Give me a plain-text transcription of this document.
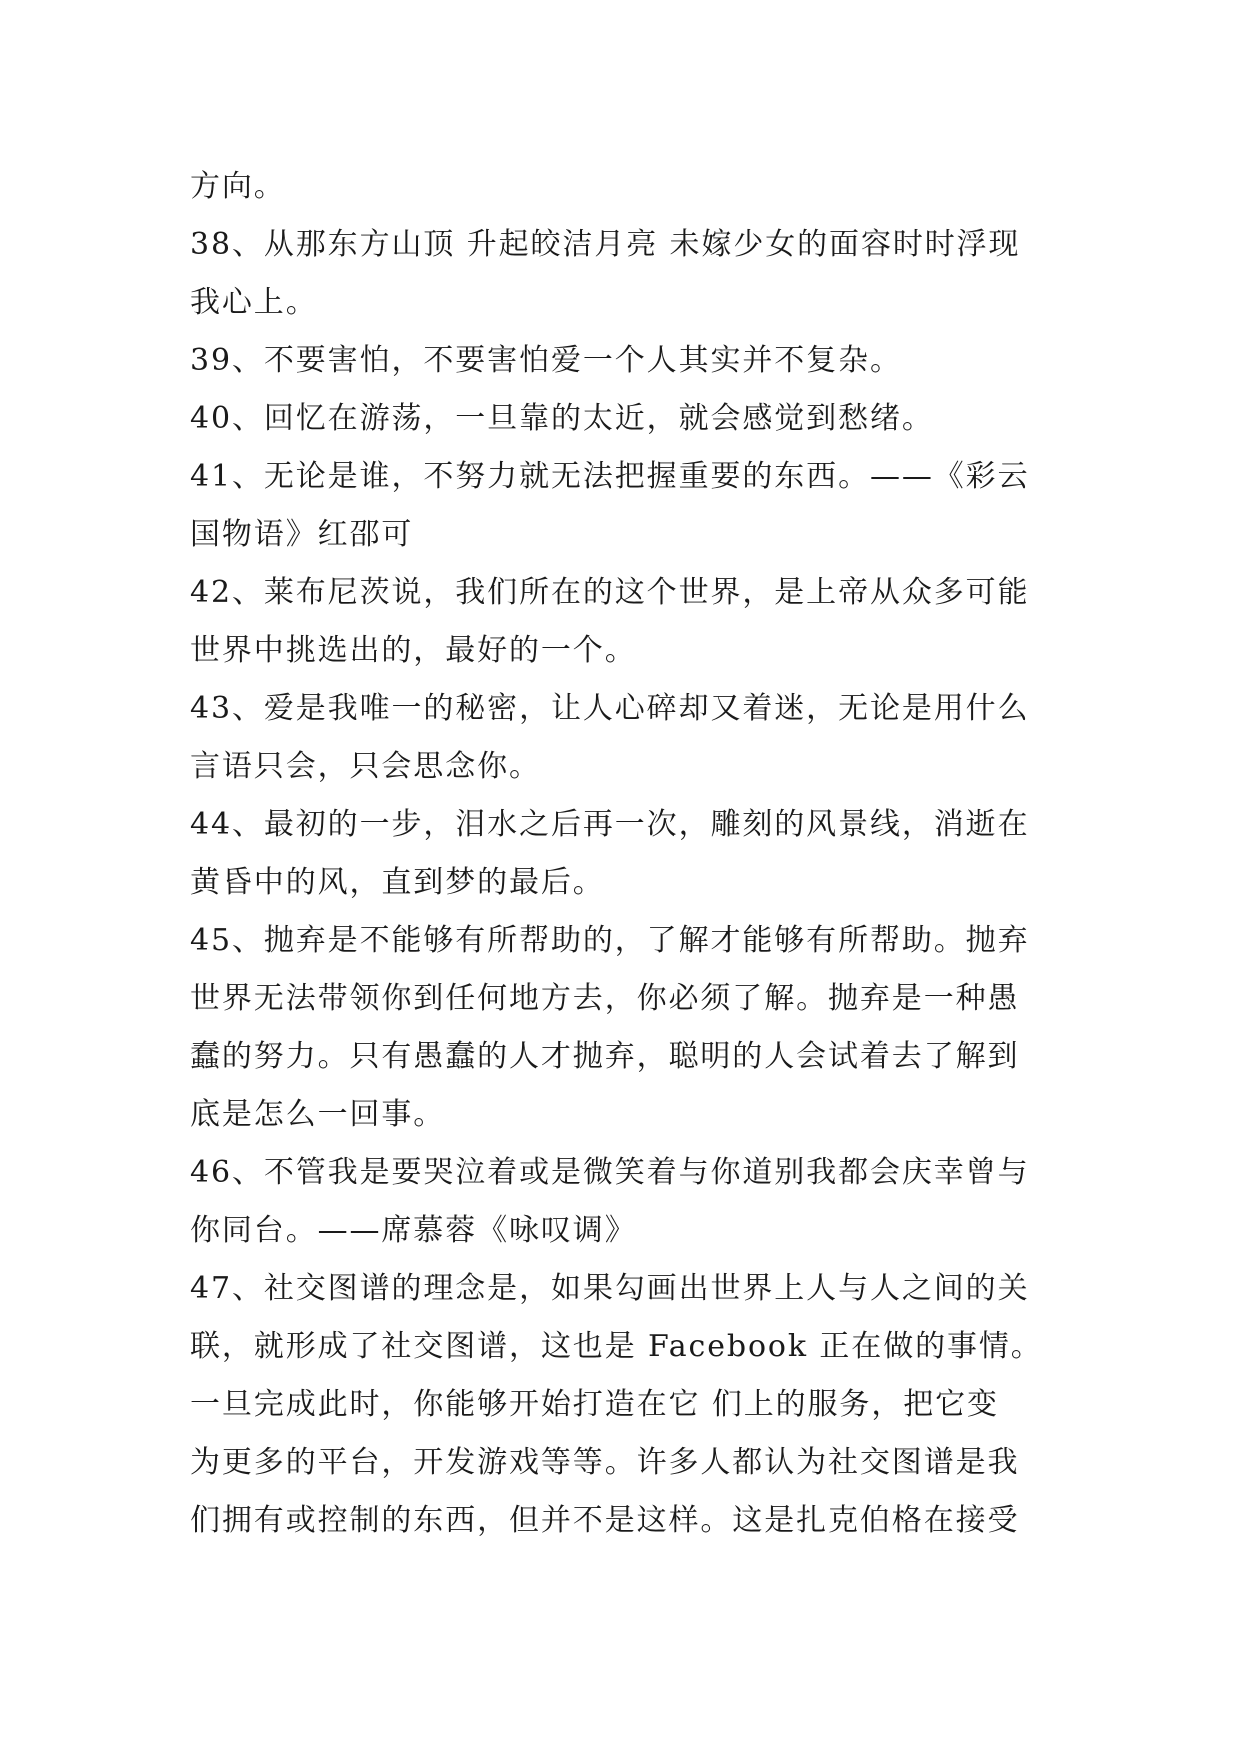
方向。
38、从那东方山顶 升起皎洁月亮 未嫁少女的面容时时浮现
我心上。
39、不要害怕，不要害怕爱一个人其实并不复杂。
40、回忆在游荡，一旦靠的太近，就会感觉到愁绪。
41、无论是谁，不努力就无法把握重要的东西。——《彩云
国物语》红邵可
42、莱布尼茨说，我们所在的这个世界，是上帝从众多可能
世界中挑选出的，最好的一个。
43、爱是我唯一的秘密，让人心碎却又着迷，无论是用什么
言语只会，只会思念你。
44、最初的一步，泪水之后再一次，雕刻的风景线，消逝在
黄昏中的风，直到梦的最后。
45、抛弃是不能够有所帮助的，了解才能够有所帮助。抛弃
世界无法带领你到任何地方去，你必须了解。抛弃是一种愚
蠢的努力。只有愚蠢的人才抛弃，聪明的人会试着去了解到
底是怎么一回事。
46、不管我是要哭泣着或是微笑着与你道别我都会庆幸曾与
你同台。——席慕蓉《咏叹调》
47、社交图谱的理念是，如果勾画出世界上人与人之间的关
联，就形成了社交图谱，这也是 Facebook 正在做的事情。
一旦完成此时，你能够开始打造在它 们上的服务，把它变
为更多的平台，开发游戏等等。许多人都认为社交图谱是我
们拥有或控制的东西，但并不是这样。这是扎克伯格在接受
